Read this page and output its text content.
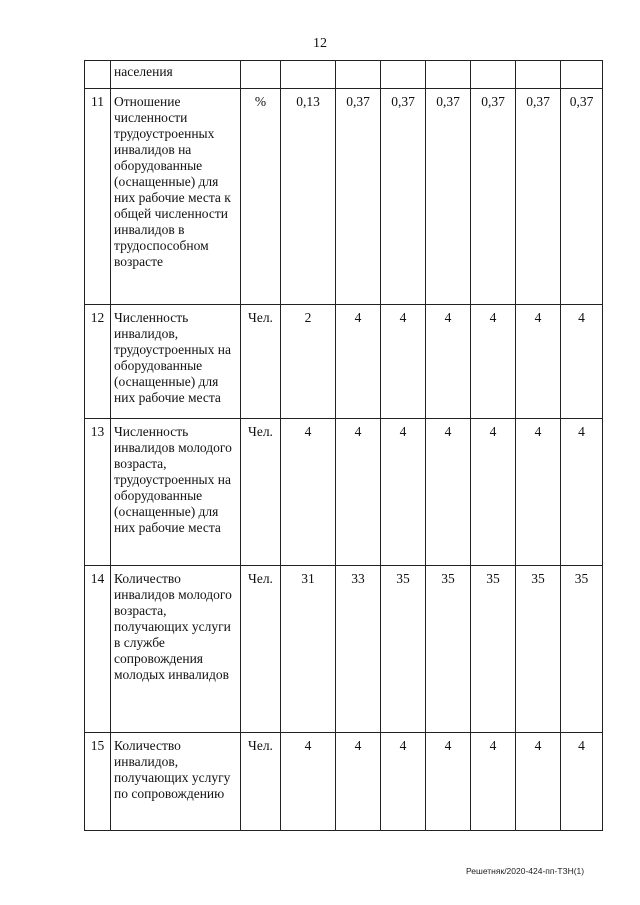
12
	населения								
11	Отношение численности трудоустроенных инвалидов на оборудованные (оснащенные) для них рабочие места к общей численности инвалидов в трудоспособном возрасте	%	0,13	0,37	0,37	0,37	0,37	0,37	0,37
12	Численность инвалидов, трудоустроенных на оборудованные (оснащенные) для них рабочие места	Чел.	2	4	4	4	4	4	4
13	Численность инвалидов молодого возраста, трудоустроенных на оборудованные (оснащенные) для них рабочие места	Чел.	4	4	4	4	4	4	4
14	Количество инвалидов молодого возраста, получающих услуги в службе сопровождения молодых инвалидов	Чел.	31	33	35	35	35	35	35
15	Количество инвалидов, получающих услугу по сопровождению	Чел.	4	4	4	4	4	4	4
Решетняк/2020-424-пп-ТЗН(1)
